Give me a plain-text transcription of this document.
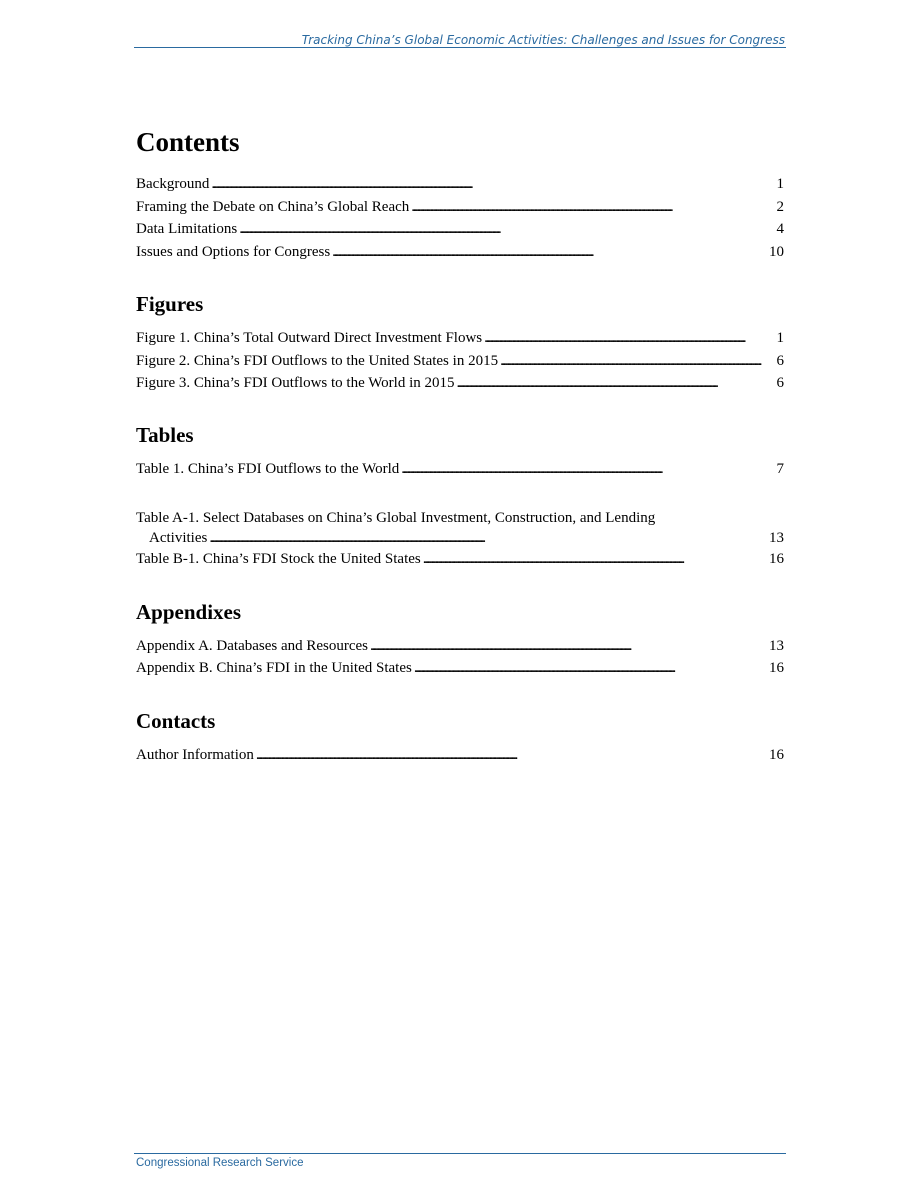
Tracking China’s Global Economic Activities: Challenges and Issues for Congress
Contents
Background . . .	1
Framing the Debate on China’s Global Reach . . .	2
Data Limitations . . .	4
Issues and Options for Congress . . .	10
Figures
Figure 1. China’s Total Outward Direct Investment Flows . . .	1
Figure 2. China’s FDI Outflows to the United States in 2015 . . .	6
Figure 3. China’s FDI Outflows to the World in 2015 . . .	6
Tables
Table 1. China’s FDI Outflows to the World . . .	7
Table A-1. Select Databases on China’s Global Investment, Construction, and Lending
Activities . . .	13
Table B-1. China’s FDI Stock the United States . . .	16
Appendixes
Appendix A. Databases and Resources . . .	13
Appendix B. China’s FDI in the United States . . .	16
Contacts
Author Information . . .	16
Congressional Research Service
